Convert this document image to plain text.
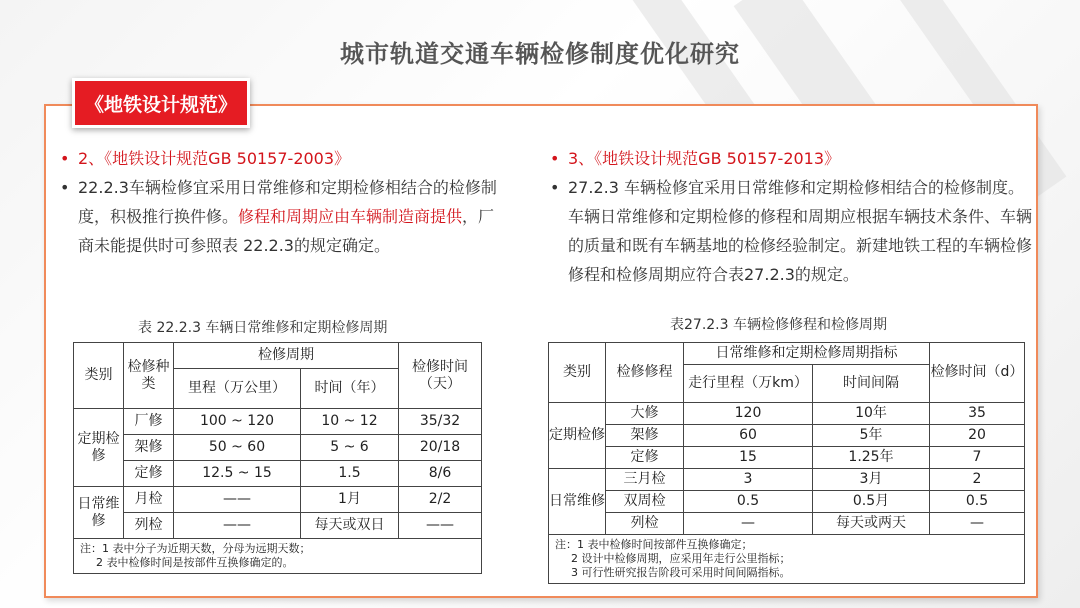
城市轨道交通车辆检修制度优化研究
《地铁设计规范》

• 2、《地铁设计规范GB 50157-2003》

• 22.2.3车辆检修宜采用日常维修和定期检修相结合的检修制度，积极推行换件修。修程和周期应由车辆制造商提供，厂商未能提供时可参照表 22.2.3的规定确定。

• 3、《地铁设计规范GB 50157-2013》

• 27.2.3 车辆检修宜采用日常维修和定期检修相结合的检修制度。车辆日常维修和定期检修的修程和周期应根据车辆技术条件、车辆的质量和既有车辆基地的检修经验制定。新建地铁工程的车辆检修修程和检修周期应符合表27.2.3的规定。

表 22.2.3 车辆日常维修和定期检修周期
类别	检修种类	检修周期		检修时间（天）
		里程（万公里）	时间（年）	
定期检修	厂修	100 ~ 120	10 ~ 12	35/32
	架修	50 ~ 60	5 ~ 6	20/18
	定修	12.5 ~ 15	1.5	8/6
日常维修	月检	——	1月	2/2
	列检	——	每天或双日	——

注：1 表中分子为近期天数，分母为远期天数；
2 表中检修时间是按部件互换修确定的。				
表27.2.3 车辆检修修程和检修周期
类别	检修修程	日常维修和定期检修周期指标		检修时间（d）
		走行里程（万km）	时间间隔	
定期检修	大修	120	10年	35
	架修	60	5年	20
	定修	15	1.25年	7
日常维修	三月检	3	3月	2
	双周检	0.5	0.5月	0.5
	列检	—	每天或两天	—

注：1 表中检修时间按部件互换修确定；
2 设计中检修周期，应采用年走行公里指标；
3 可行性研究报告阶段可采用时间间隔指标。				
